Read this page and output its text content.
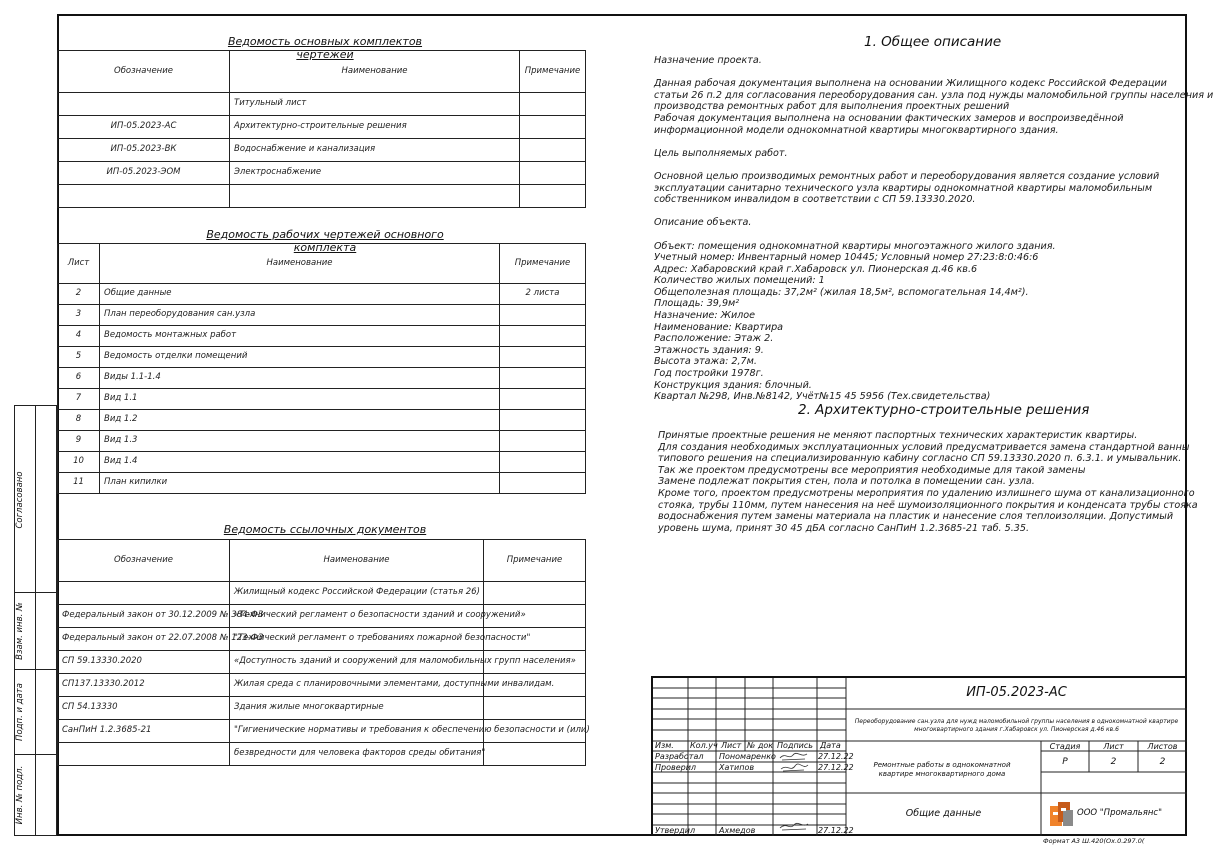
Согласовано
Взам. инв. №
Подп. и дата
Инв. № подл.
Ведомость основных комплектов чертежей
Обозначение	Наименование	Примечание
	Титульный лист	
ИП-05.2023-АС	Архитектурно-строительные решения	
ИП-05.2023-ВК	Водоснабжение и канализация	
ИП-05.2023-ЭОМ	Электроснабжение	

Ведомость рабочих чертежей основного комплекта
Лист	Наименование	Примечание
2	Общие данные	2 листа
3	План переоборудования сан.узла	
4	Ведомость монтажных работ	
5	Ведомость отделки помещений	
6	Виды 1.1-1.4	
7	Вид 1.1	
8	Вид 1.2	
9	Вид 1.3	
10	Вид 1.4	
11	План кипилки	
Ведомость ссылочных документов
Обозначение	Наименование	Примечание
	Жилищный кодекс Российской Федерации (статья 26)	
Федеральный закон от 30.12.2009 № 384-ФЗ	«Технический регламент о безопасности зданий и сооружений»	
Федеральный закон от 22.07.2008 № 123-ФЗ	"Технический регламент о требованиях пожарной безопасности"	
СП 59.13330.2020	«Доступность зданий и сооружений для маломобильных групп населения»	
СП137.13330.2012	Жилая среда с планировочными элементами, доступными инвалидам.	
СП 54.13330	Здания жилые многоквартирные	
СанПиН 1.2.3685-21	"Гигиенические нормативы и требования к обеспечению безопасности и (или)	
	безвредности для человека факторов среды обитания"	
1. Общее описание

Назначение проекта.

Данная рабочая документация выполнена на основании Жилищного кодекс Российской Федерации

статьи 26 п.2 для согласования переоборудования сан. узла под нужды маломобильной группы населения и

производства ремонтных работ для выполнения проектных решений

Рабочая документация выполнена на основании фактических замеров и воспроизведённой

информационной модели однокомнатной квартиры многоквартирного здания.

Цель выполняемых работ.

Основной целью производимых ремонтных работ и переоборудования является создание условий

эксплуатации санитарно технического узла квартиры однокомнатной квартиры маломобильным

собственником инвалидом в соответствии с СП 59.13330.2020.

Описание объекта.

Объект: помещения однокомнатной квартиры многоэтажного жилого здания.

Учетный номер: Инвентарный номер 10445; Условный номер 27:23:8:0:46:6

Адрес: Хабаровский край г.Хабаровск ул. Пионерская д.46 кв.6

Количество жилых помещений: 1

Общеполезная площадь: 37,2м² (жилая 18,5м², вспомогательная 14,4м²).

Площадь: 39,9м²

Назначение: Жилое

Наименование: Квартира

Расположение: Этаж 2.

Этажность здания: 9.

Высота этажа: 2,7м.

Год постройки 1978г.

Конструкция здания: блочный.

Квартал №298, Инв.№8142, Учёт№15 45 5956 (Тех.свидетельства)

2. Архитектурно-строительные решения

Принятые проектные решения не меняют паспортных технических характеристик квартиры.

Для создания необходимых эксплуатационных условий предусматривается замена стандартной ванны

типового решения на специализированную кабину согласно СП 59.13330.2020 п. 6.3.1. и умывальник.

Так же проектом предусмотрены все мероприятия необходимые для такой замены

Замене подлежат покрытия стен, пола и потолка в помещении сан. узла.

Кроме того, проектом предусмотрены мероприятия по удалению излишнего шума от канализационного

стояка, трубы 110мм, путем нанесения на неё шумоизоляционного покрытия и конденсата трубы стояка

водоснабжения путем замены материала на пластик и нанесение слоя теплоизоляции. Допустимый

уровень шума, принят 30 45 дБА согласно СанПиН 1.2.3685-21 таб. 5.35.

Изм. Кол.уч Лист № док Подпись Дата
Разработал Пономаренко	27.12.22
Проверил	Хатипов	27.12.22
Утвердил	Ахмедов	27.12.22
ИП-05.2023-АС
Переоборудование сан.узла для нужд маломобильной группы населения в однокомнатной квартире многоквартирного здания г.Хабаровск ул. Пионерская д.46 кв.6
Ремонтные работы в однокомнатной квартире многоквартирного дома
Общие данные
Стадия	Лист	Листов
Р	2	2
ООО "Промальянс"
Формат А3 Ш.420(Ох.0.297.0(
